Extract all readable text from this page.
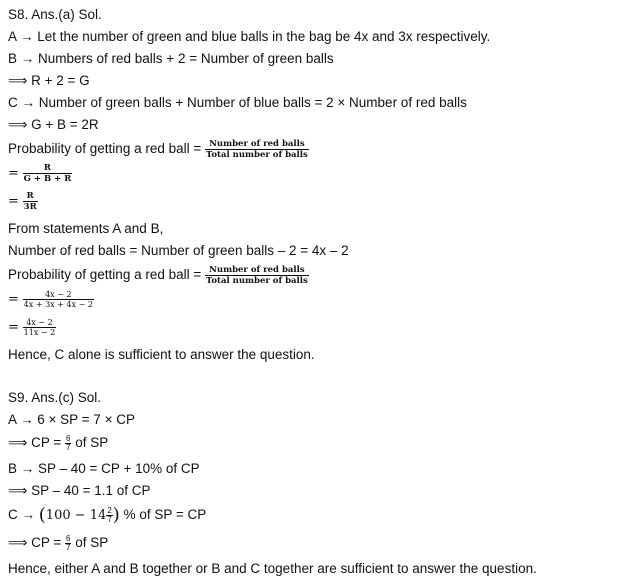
S8. Ans.(a) Sol.
A → Let the number of green and blue balls in the bag be 4x and 3x respectively.
B → Numbers of red balls + 2 = Number of green balls
⟹ R + 2 = G
C → Number of green balls + Number of blue balls = 2 × Number of red balls
⟹ G + B = 2R
Probability of getting a red ball = $\frac{\text{Number of red balls}}{\text{Total number of balls}}$
= $\frac{R}{G + B + R}$
= $\frac{R}{3R}$
From statements A and B,
Number of red balls = Number of green balls – 2 = 4x – 2
Probability of getting a red ball = $\frac{\text{Number of red balls}}{\text{Total number of balls}}$
= $\frac{4x - 2}{4x + 3x + 4x - 2}$
= $\frac{4x - 2}{11x - 2}$
Hence, C alone is sufficient to answer the question.
S9. Ans.(c) Sol.
A → 6 × SP = 7 × CP
⟹ CP = $\frac{6}{7}$ of SP
B → SP – 40 = CP + 10% of CP
⟹ SP – 40 = 1.1 of CP
$C \to (100 - 14 \frac{2}{7}$ ) % of SP = CP
⟹ CP = $\frac{6}{7}$ of SP
Hence, either A and B together or B and C together are sufficient to answer the question.
